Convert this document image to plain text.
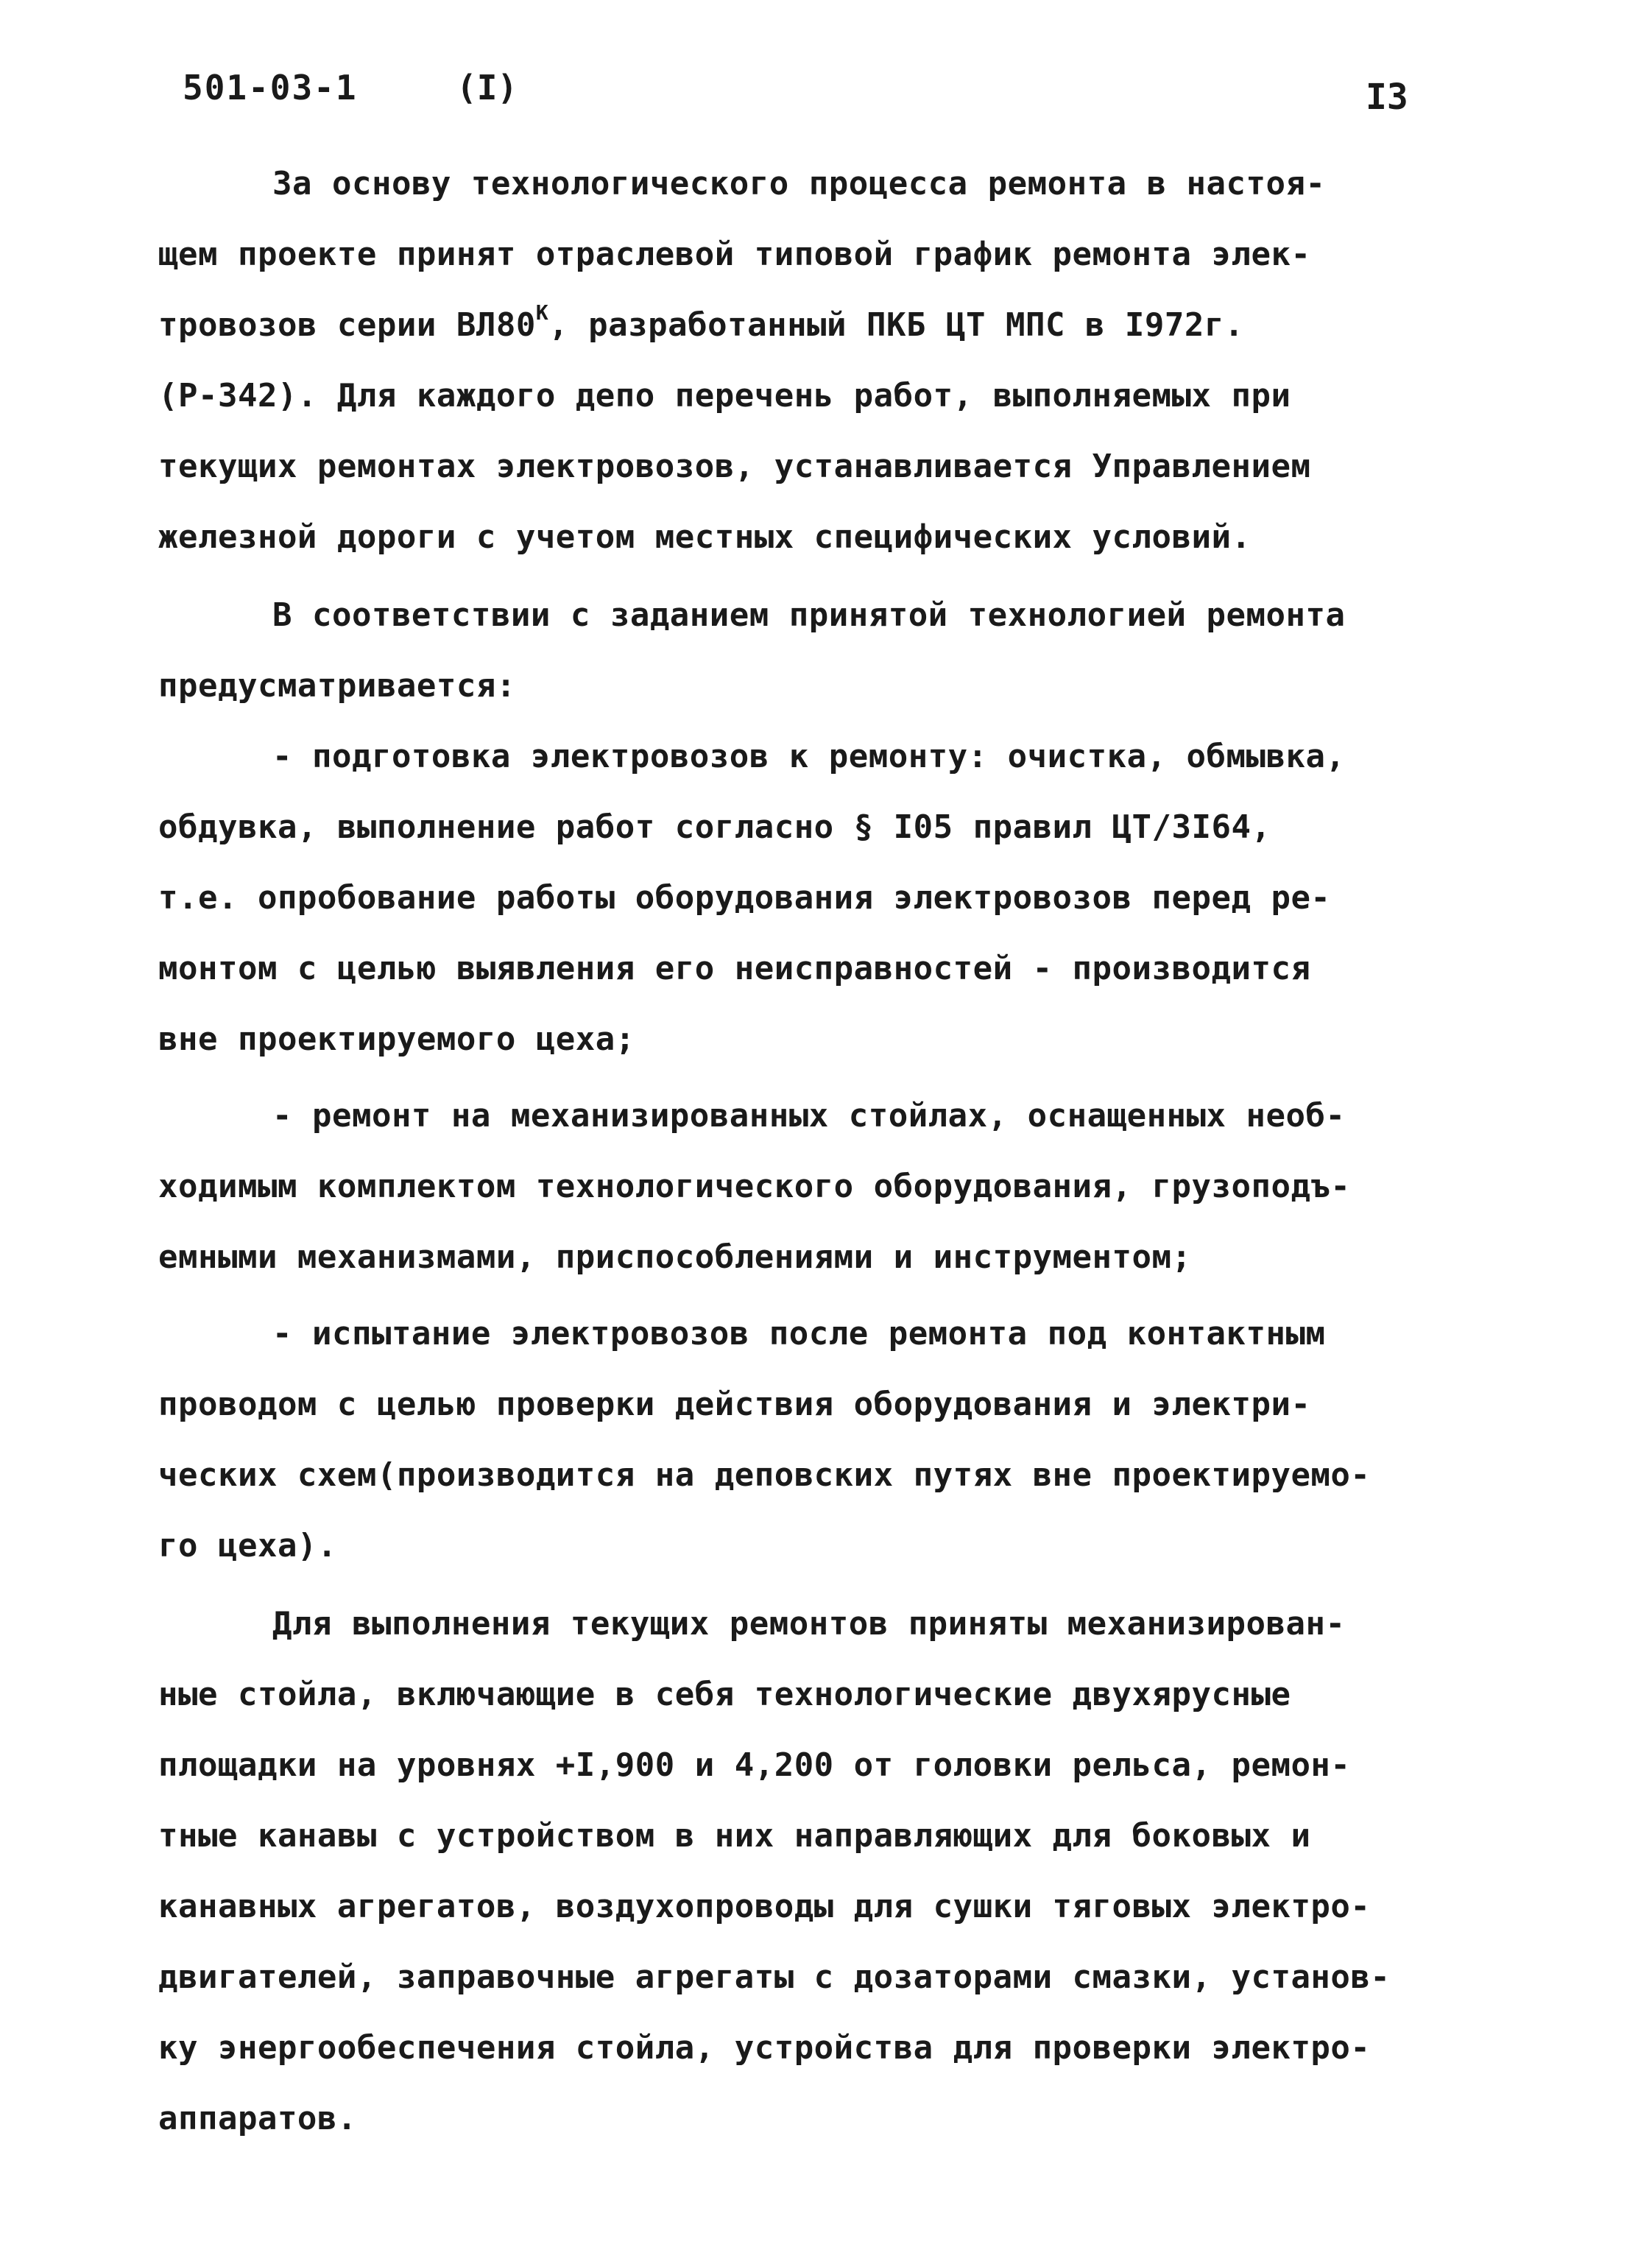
501-03-1	(I)	I3
За основу технологического процесса ремонта в настоя-
щем проекте принят отраслевой типовой график ремонта элек-
тровозов серии $ВЛ80^К$, разработанный ПКБ ЦТ МПС в I972г.
(Р-342). Для каждого депо перечень работ, выполняемых при
текущих ремонтах электровозов, устанавливается Управлением
железной дороги с учетом местных специфических условий.
В соответствии с заданием принятой технологией ремонта
предусматривается:
- подготовка электровозов к ремонту: очистка, обмывка,
обдувка, выполнение работ согласно § I05 правил ЦТ/3I64,
т.е. опробование работы оборудования электровозов перед ре-
монтом с целью выявления его неисправностей - производится
вне проектируемого цеха;
- ремонт на механизированных стойлах, оснащенных необ-
ходимым комплектом технологического оборудования, грузоподъ-
емными механизмами, приспособлениями и инструментом;
- испытание электровозов после ремонта под контактным
проводом с целью проверки действия оборудования и электри-
ческих схем(производится на деповских путях вне проектируемо-
го цеха).
Для выполнения текущих ремонтов приняты механизирован-
ные стойла, включающие в себя технологические двухярусные
площадки на уровнях +I,900 и 4,200 от головки рельса, ремон-
тные канавы с устройством в них направляющих для боковых и
канавных агрегатов, воздухопроводы для сушки тяговых электро-
двигателей, заправочные агрегаты с дозаторами смазки, установ-
ку энергообеспечения стойла, устройства для проверки электро-
аппаратов.
